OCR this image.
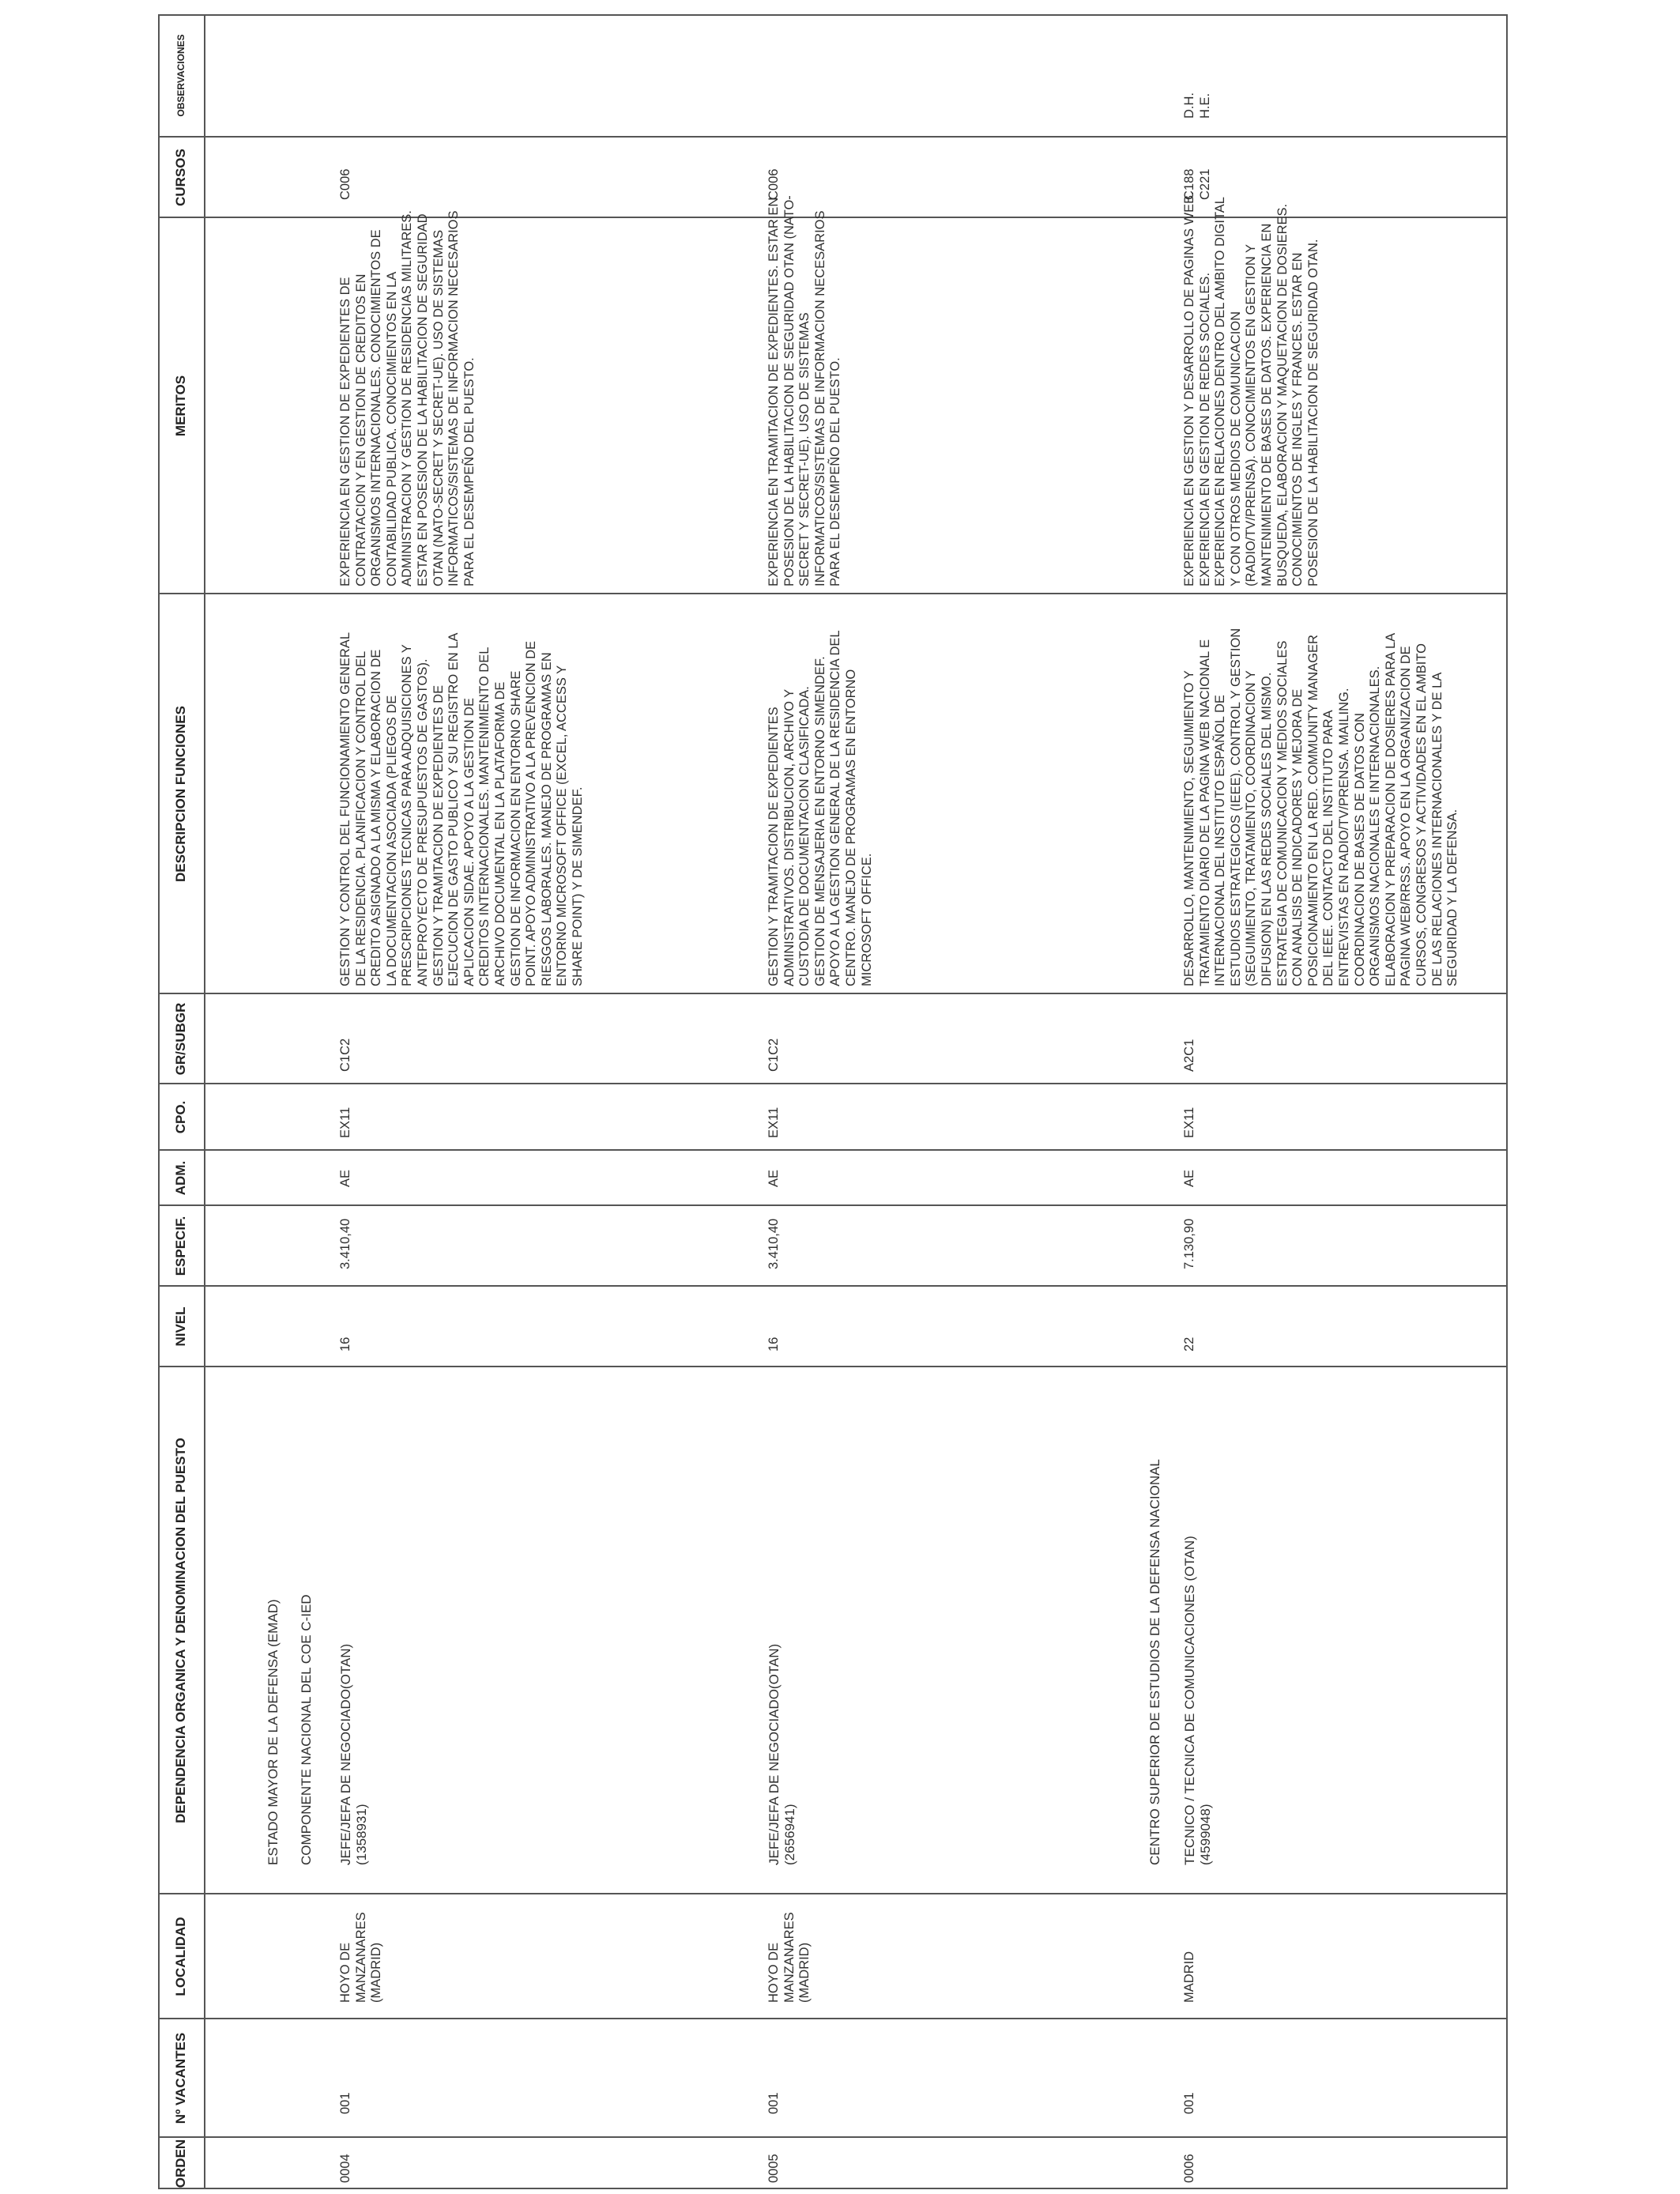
ORDEN
Nº VACANTES
LOCALIDAD
DEPENDENCIA ORGANICA Y DENOMINACION DEL PUESTO
NIVEL
ESPECIF.
ADM.
CPO.
GR/SUBGR
DESCRIPCION FUNCIONES
MERITOS
CURSOS
OBSERVACIONES
ESTADO MAYOR DE LA DEFENSA (EMAD) COMPONENTE NACIONAL DEL COE C-IED	CENTRO SUPERIOR DE ESTUDIOS DE LA DEFENSA NACIONAL
0004
001
HOYO DE
MANZANARES
(MADRID)
JEFE/JEFA DE NEGOCIADO(OTAN)
(1358931)
16
3.410,40
AE
EX11
C1C2
GESTION Y CONTROL DEL FUNCIONAMIENTO GENERAL
DE LA RESIDENCIA. PLANIFICACION Y CONTROL DEL
CREDITO ASIGNADO A LA MISMA Y ELABORACION DE
LA DOCUMENTACION ASOCIADA (PLIEGOS DE
PRESCRIPCIONES TECNICAS PARA ADQUISICIONES Y
ANTEPROYECTO DE PRESUPUESTOS DE GASTOS).
GESTION Y TRAMITACION DE EXPEDIENTES DE
EJECUCION DE GASTO PUBLICO Y SU REGISTRO EN LA
APLICACION SIDAE. APOYO A LA GESTION DE
CREDITOS INTERNACIONALES. MANTENIMIENTO DEL
ARCHIVO DOCUMENTAL EN LA PLATAFORMA DE
GESTION DE INFORMACION EN ENTORNO SHARE
POINT. APOYO ADMINISTRATIVO A LA PREVENCION DE
RIESGOS LABORALES. MANEJO DE PROGRAMAS EN
ENTORNO MICROSOFT OFFICE (EXCEL, ACCESS Y
SHARE POINT) Y DE SIMENDEF.
EXPERIENCIA EN GESTION DE EXPEDIENTES DE
CONTRATACION Y EN GESTION DE CREDITOS EN
ORGANISMOS INTERNACIONALES. CONOCIMIENTOS DE
CONTABILIDAD PUBLICA. CONOCIMIENTOS EN LA
ADMINISTRACION Y GESTION DE RESIDENCIAS MILITARES.
ESTAR EN POSESION DE LA HABILITACION DE SEGURIDAD
OTAN (NATO-SECRET Y SECRET-UE). USO DE SISTEMAS
INFORMATICOS/SISTEMAS DE INFORMACION NECESARIOS
PARA EL DESEMPEÑO DEL PUESTO.
C006
0005
001
HOYO DE
MANZANARES
(MADRID)
JEFE/JEFA DE NEGOCIADO(OTAN)
(2656941)
16
3.410,40
AE
EX11
C1C2
GESTION Y TRAMITACION DE EXPEDIENTES
ADMINISTRATIVOS. DISTRIBUCION, ARCHIVO Y
CUSTODIA DE DOCUMENTACION CLASIFICADA.
GESTION DE MENSAJERIA EN ENTORNO SIMENDEF.
APOYO A LA GESTION GENERAL DE LA RESIDENCIA DEL
CENTRO. MANEJO DE PROGRAMAS EN ENTORNO
MICROSOFT OFFICE.
EXPERIENCIA EN TRAMITACION DE EXPEDIENTES. ESTAR EN
POSESION DE LA HABILITACION DE SEGURIDAD OTAN (NATO-
SECRET Y SECRET-UE). USO DE SISTEMAS
INFORMATICOS/SISTEMAS DE INFORMACION NECESARIOS
PARA EL DESEMPEÑO DEL PUESTO.
C006
0006
001
MADRID
TECNICO / TECNICA DE COMUNICACIONES (OTAN)
(4599048)
22
7.130,90
AE
EX11
A2C1
DESARROLLO, MANTENIMIENTO, SEGUIMIENTO Y
TRATAMIENTO DIARIO DE LA PAGINA WEB NACIONAL E
INTERNACIONAL DEL INSTITUTO ESPAÑOL DE
ESTUDIOS ESTRATEGICOS (IEEE). CONTROL Y GESTION
(SEGUIMIENTO, TRATAMIENTO, COORDINACION Y
DIFUSION) EN LAS REDES SOCIALES DEL MISMO.
ESTRATEGIA DE COMUNICACION Y MEDIOS SOCIALES
CON ANALISIS DE INDICADORES Y MEJORA DE
POSICIONAMIENTO EN LA RED. COMMUNITY MANAGER
DEL IEEE. CONTACTO DEL INSTITUTO PARA
ENTREVISTAS EN RADIO/TV/PRENSA. MAILING.
COORDINACION DE BASES DE DATOS CON
ORGANISMOS NACIONALES E INTERNACIONALES.
ELABORACION Y PREPARACION DE DOSIERES PARA LA
PAGINA WEB/RRSS. APOYO EN LA ORGANIZACION DE
CURSOS, CONGRESOS Y ACTIVIDADES EN EL AMBITO
DE LAS RELACIONES INTERNACIONALES Y DE LA
SEGURIDAD Y LA DEFENSA.
EXPERIENCIA EN GESTION Y DESARROLLO DE PAGINAS WEB.
EXPERIENCIA EN GESTION DE REDES SOCIALES.
EXPERIENCIA EN RELACIONES DENTRO DEL AMBITO DIGITAL
Y CON OTROS MEDIOS DE COMUNICACION
(RADIO/TV/PRENSA). CONOCIMIENTOS EN GESTION Y
MANTENIMIENTO DE BASES DE DATOS. EXPERIENCIA EN
BUSQUEDA, ELABORACION Y MAQUETACION DE DOSIERES.
CONOCIMIENTOS DE INGLES Y FRANCES. ESTAR EN
POSESION DE LA HABILITACION DE SEGURIDAD OTAN.
C188
C221
D.H.
H.E.
